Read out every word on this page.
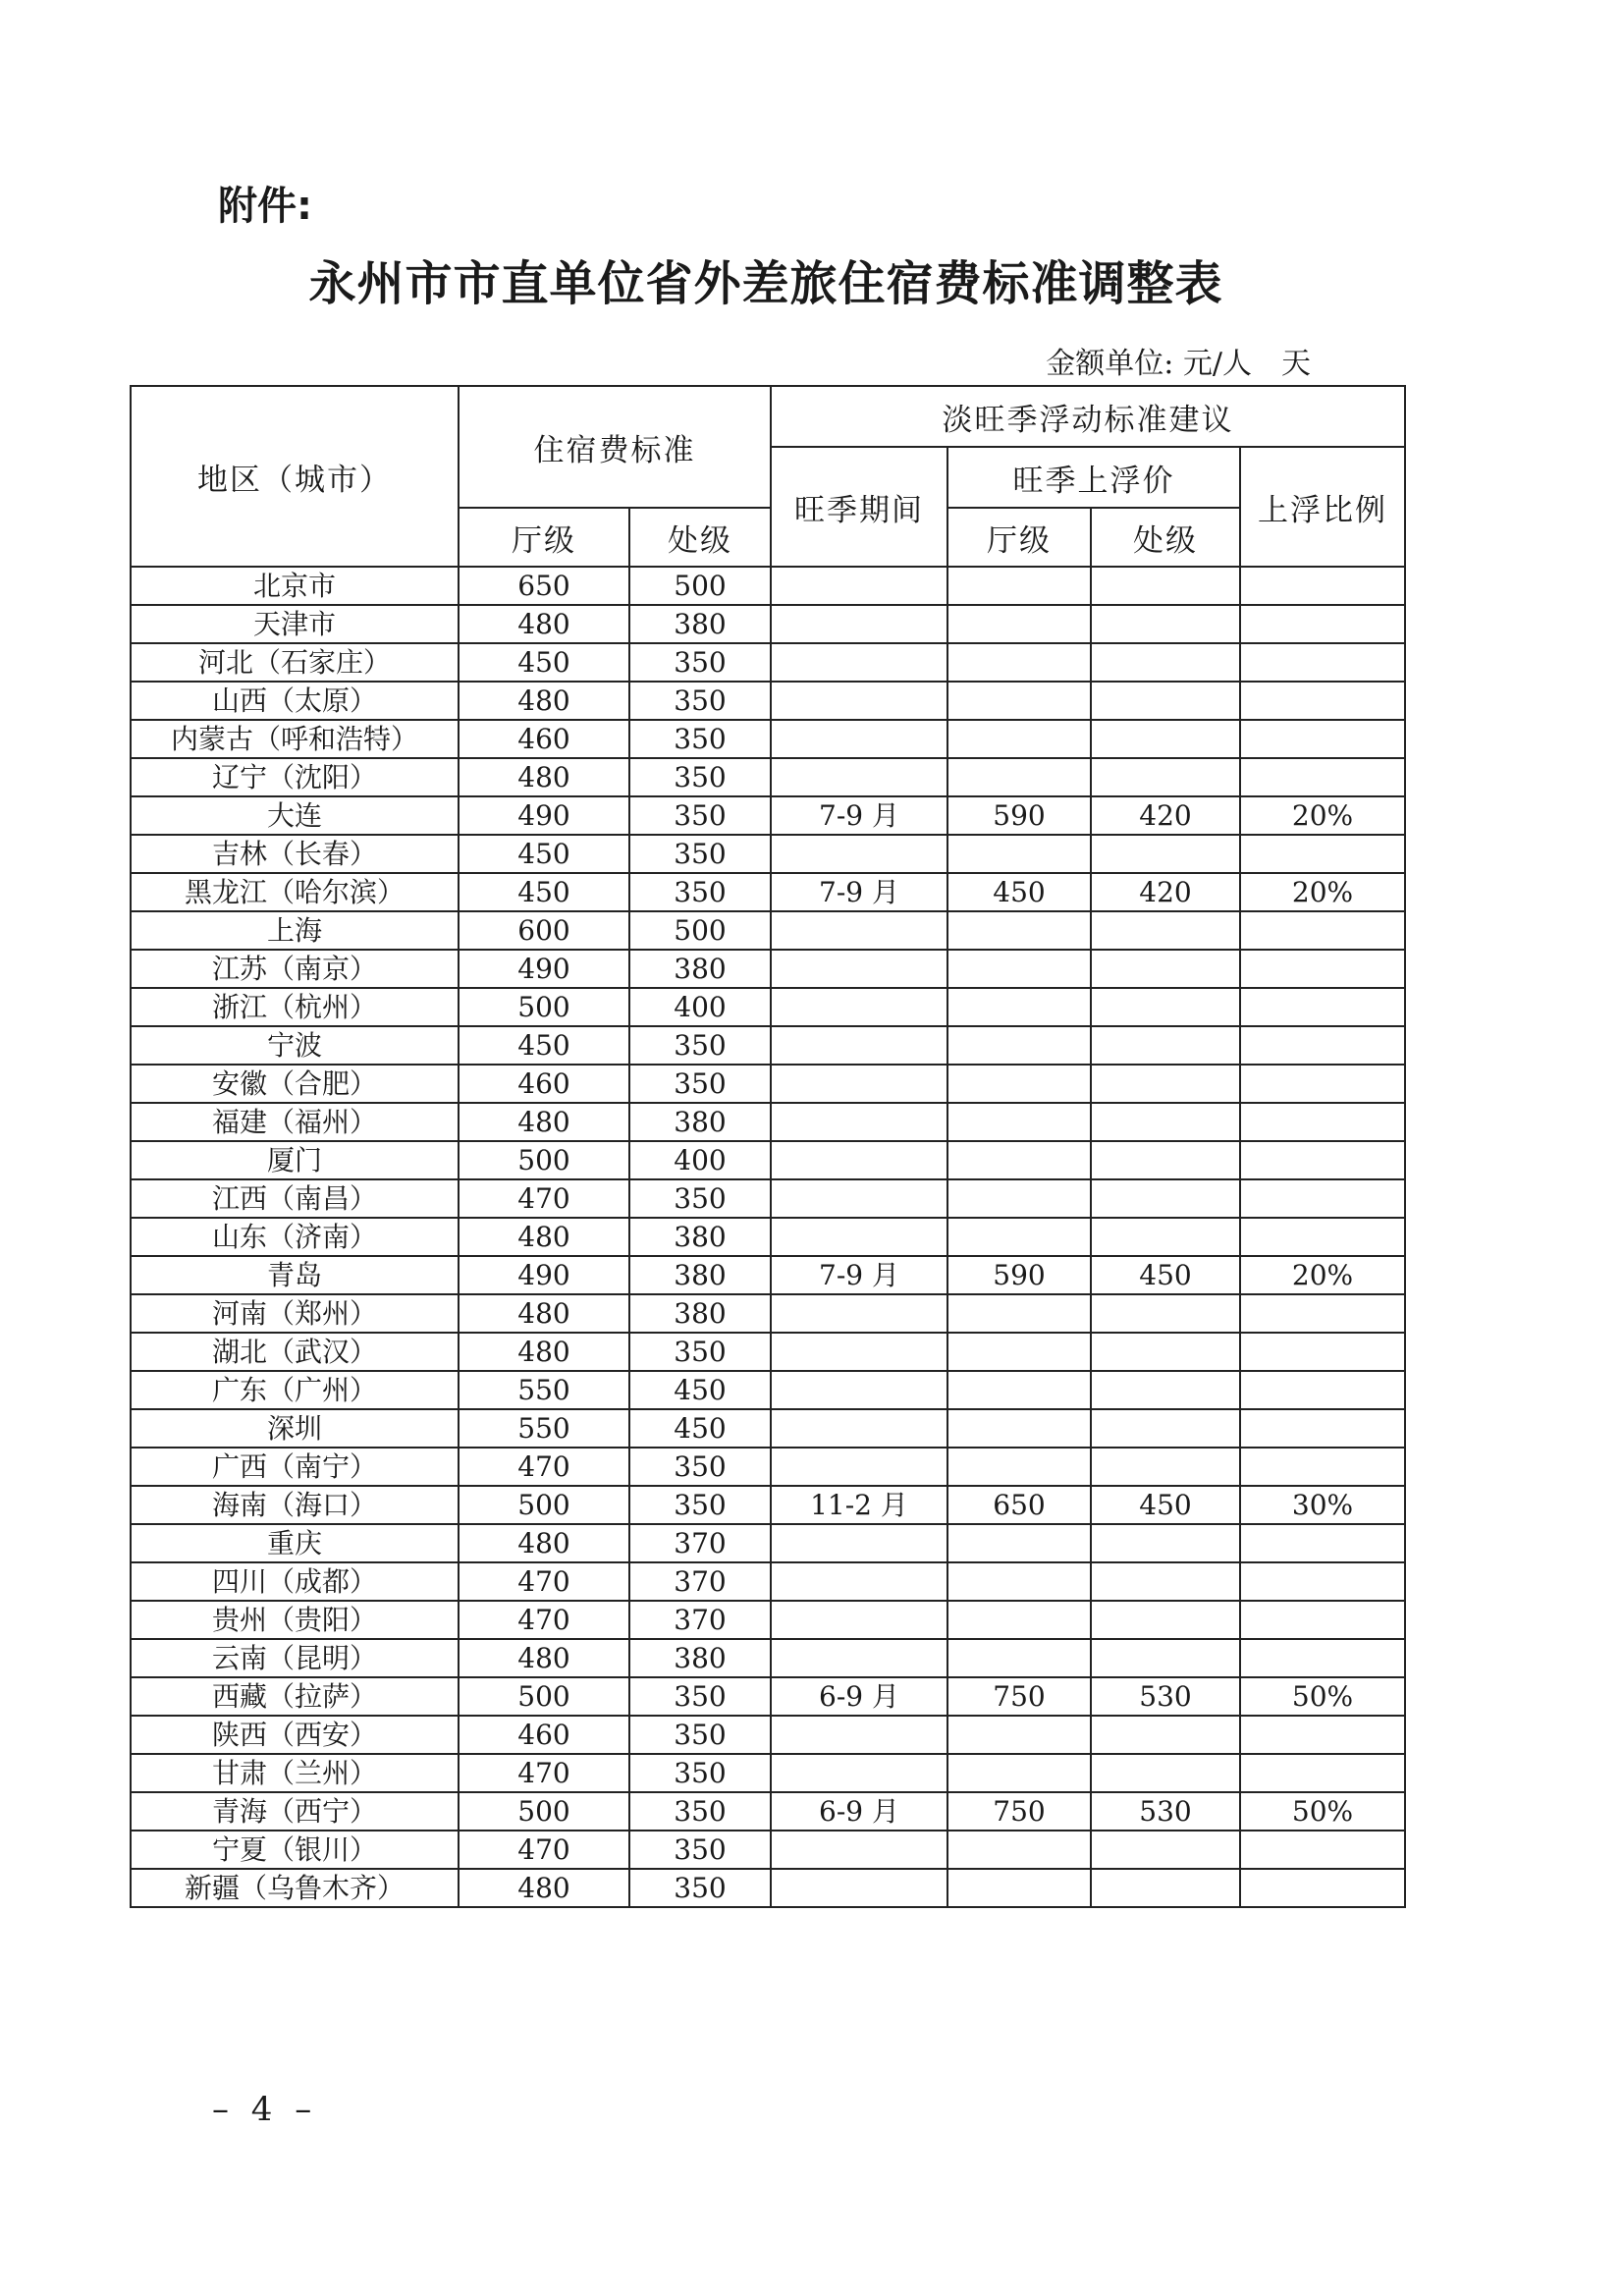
附件:
永州市市直单位省外差旅住宿费标准调整表
金额单位: 元/人　天
地区（城市）	住宿费标准		淡旺季浮动标准建议			
			旺季期间	旺季上浮价		上浮比例
	厅级	处级		厅级	处级	
北京市	650	500				
天津市	480	380				
河北（石家庄）	450	350				
山西（太原）	480	350				
内蒙古（呼和浩特）	460	350				
辽宁（沈阳）	480	350				
大连	490	350	7-9 月	590	420	20%
吉林（长春）	450	350				
黑龙江（哈尔滨）	450	350	7-9 月	450	420	20%
上海	600	500				
江苏（南京）	490	380				
浙江（杭州）	500	400				
宁波	450	350				
安徽（合肥）	460	350				
福建（福州）	480	380				
厦门	500	400				
江西（南昌）	470	350				
山东（济南）	480	380				
青岛	490	380	7-9 月	590	450	20%
河南（郑州）	480	380				
湖北（武汉）	480	350				
广东（广州）	550	450				
深圳	550	450				
广西（南宁）	470	350				
海南（海口）	500	350	11-2 月	650	450	30%
重庆	480	370				
四川（成都）	470	370				
贵州（贵阳）	470	370				
云南（昆明）	480	380				
西藏（拉萨）	500	350	6-9 月	750	530	50%
陕西（西安）	460	350				
甘肃（兰州）	470	350				
青海（西宁）	500	350	6-9 月	750	530	50%
宁夏（银川）	470	350				
新疆（乌鲁木齐）	480	350				
– 4 –
